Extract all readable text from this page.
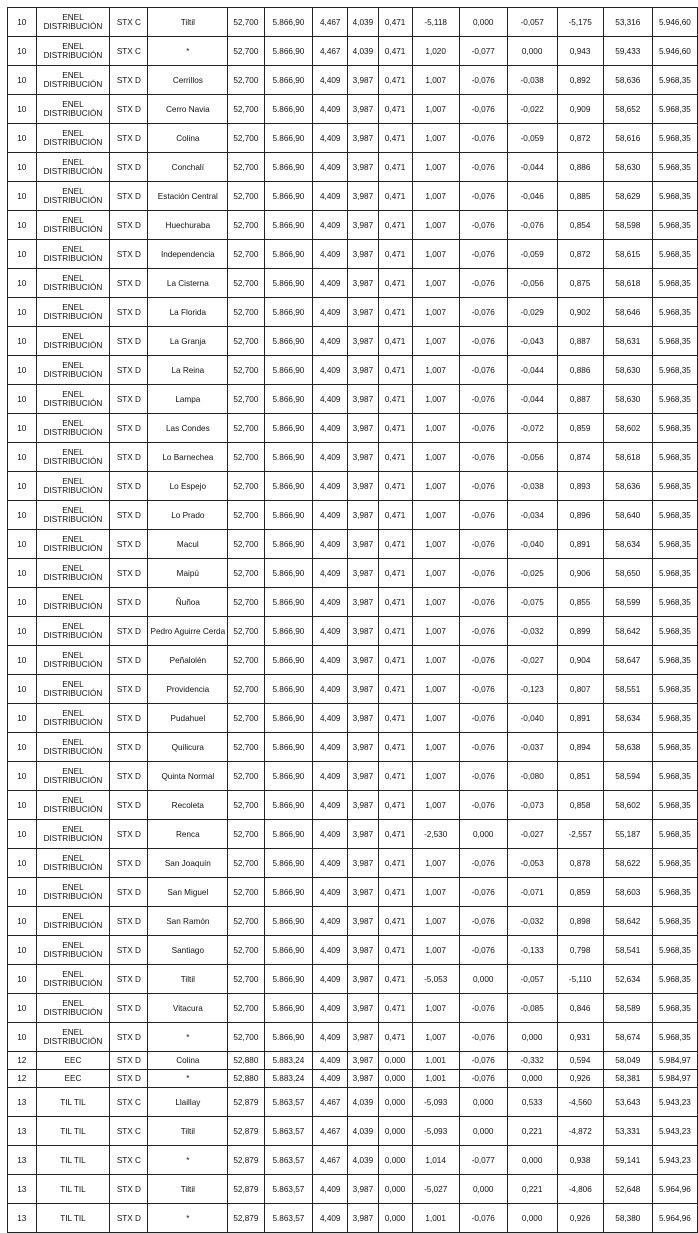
10	ENEL DISTRIBUCIÓN	STX C	Tiltil	52,700	5.866,90	4,467	4,039	0,471	-5,118	0,000	-0,057	-5,175	53,316	5.946,60
10	ENEL DISTRIBUCIÓN	STX C	*	52,700	5.866,90	4,467	4,039	0,471	1,020	-0,077	0,000	0,943	59,433	5.946,60
10	ENEL DISTRIBUCIÓN	STX D	Cerrillos	52,700	5.866,90	4,409	3,987	0,471	1,007	-0,076	-0,038	0,892	58,636	5.968,35
10	ENEL DISTRIBUCIÓN	STX D	Cerro Navia	52,700	5.866,90	4,409	3,987	0,471	1,007	-0,076	-0,022	0,909	58,652	5.968,35
10	ENEL DISTRIBUCIÓN	STX D	Colina	52,700	5.866,90	4,409	3,987	0,471	1,007	-0,076	-0,059	0,872	58,616	5.968,35
10	ENEL DISTRIBUCIÓN	STX D	Conchalí	52,700	5.866,90	4,409	3,987	0,471	1,007	-0,076	-0,044	0,886	58,630	5.968,35
10	ENEL DISTRIBUCIÓN	STX D	Estación Central	52,700	5.866,90	4,409	3,987	0,471	1,007	-0,076	-0,046	0,885	58,629	5.968,35
10	ENEL DISTRIBUCIÓN	STX D	Huechuraba	52,700	5.866,90	4,409	3,987	0,471	1,007	-0,076	-0,076	0,854	58,598	5.968,35
10	ENEL DISTRIBUCIÓN	STX D	Independencia	52,700	5.866,90	4,409	3,987	0,471	1,007	-0,076	-0,059	0,872	58,615	5.968,35
10	ENEL DISTRIBUCIÓN	STX D	La Cisterna	52,700	5.866,90	4,409	3,987	0,471	1,007	-0,076	-0,056	0,875	58,618	5.968,35
10	ENEL DISTRIBUCIÓN	STX D	La Florida	52,700	5.866,90	4,409	3,987	0,471	1,007	-0,076	-0,029	0,902	58,646	5.968,35
10	ENEL DISTRIBUCIÓN	STX D	La Granja	52,700	5.866,90	4,409	3,987	0,471	1,007	-0,076	-0,043	0,887	58,631	5.968,35
10	ENEL DISTRIBUCIÓN	STX D	La Reina	52,700	5.866,90	4,409	3,987	0,471	1,007	-0,076	-0,044	0,886	58,630	5.968,35
10	ENEL DISTRIBUCIÓN	STX D	Lampa	52,700	5.866,90	4,409	3,987	0,471	1,007	-0,076	-0,044	0,887	58,630	5.968,35
10	ENEL DISTRIBUCIÓN	STX D	Las Condes	52,700	5.866,90	4,409	3,987	0,471	1,007	-0,076	-0,072	0,859	58,602	5.968,35
10	ENEL DISTRIBUCIÓN	STX D	Lo Barnechea	52,700	5.866,90	4,409	3,987	0,471	1,007	-0,076	-0,056	0,874	58,618	5.968,35
10	ENEL DISTRIBUCIÓN	STX D	Lo Espejo	52,700	5.866,90	4,409	3,987	0,471	1,007	-0,076	-0,038	0,893	58,636	5.968,35
10	ENEL DISTRIBUCIÓN	STX D	Lo Prado	52,700	5.866,90	4,409	3,987	0,471	1,007	-0,076	-0,034	0,896	58,640	5.968,35
10	ENEL DISTRIBUCIÓN	STX D	Macul	52,700	5.866,90	4,409	3,987	0,471	1,007	-0,076	-0,040	0,891	58,634	5.968,35
10	ENEL DISTRIBUCIÓN	STX D	Maipú	52,700	5.866,90	4,409	3,987	0,471	1,007	-0,076	-0,025	0,906	58,650	5.968,35
10	ENEL DISTRIBUCIÓN	STX D	Ñuñoa	52,700	5.866,90	4,409	3,987	0,471	1,007	-0,076	-0,075	0,855	58,599	5.968,35
10	ENEL DISTRIBUCIÓN	STX D	Pedro Aguirre Cerda	52,700	5.866,90	4,409	3,987	0,471	1,007	-0,076	-0,032	0,899	58,642	5.968,35
10	ENEL DISTRIBUCIÓN	STX D	Peñalolén	52,700	5.866,90	4,409	3,987	0,471	1,007	-0,076	-0,027	0,904	58,647	5.968,35
10	ENEL DISTRIBUCIÓN	STX D	Providencia	52,700	5.866,90	4,409	3,987	0,471	1,007	-0,076	-0,123	0,807	58,551	5.968,35
10	ENEL DISTRIBUCIÓN	STX D	Pudahuel	52,700	5.866,90	4,409	3,987	0,471	1,007	-0,076	-0,040	0,891	58,634	5.968,35
10	ENEL DISTRIBUCIÓN	STX D	Quilicura	52,700	5.866,90	4,409	3,987	0,471	1,007	-0,076	-0,037	0,894	58,638	5.968,35
10	ENEL DISTRIBUCIÓN	STX D	Quinta Normal	52,700	5.866,90	4,409	3,987	0,471	1,007	-0,076	-0,080	0,851	58,594	5.968,35
10	ENEL DISTRIBUCIÓN	STX D	Recoleta	52,700	5.866,90	4,409	3,987	0,471	1,007	-0,076	-0,073	0,858	58,602	5.968,35
10	ENEL DISTRIBUCIÓN	STX D	Renca	52,700	5.866,90	4,409	3,987	0,471	-2,530	0,000	-0,027	-2,557	55,187	5.968,35
10	ENEL DISTRIBUCIÓN	STX D	San Joaquín	52,700	5.866,90	4,409	3,987	0,471	1,007	-0,076	-0,053	0,878	58,622	5.968,35
10	ENEL DISTRIBUCIÓN	STX D	San Miguel	52,700	5.866,90	4,409	3,987	0,471	1,007	-0,076	-0,071	0,859	58,603	5.968,35
10	ENEL DISTRIBUCIÓN	STX D	San Ramón	52,700	5.866,90	4,409	3,987	0,471	1,007	-0,076	-0,032	0,898	58,642	5.968,35
10	ENEL DISTRIBUCIÓN	STX D	Santiago	52,700	5.866,90	4,409	3,987	0,471	1,007	-0,076	-0,133	0,798	58,541	5.968,35
10	ENEL DISTRIBUCIÓN	STX D	Tiltil	52,700	5.866,90	4,409	3,987	0,471	-5,053	0,000	-0,057	-5,110	52,634	5.968,35
10	ENEL DISTRIBUCIÓN	STX D	Vitacura	52,700	5.866,90	4,409	3,987	0,471	1,007	-0,076	-0,085	0,846	58,589	5.968,35
10	ENEL DISTRIBUCIÓN	STX D	*	52,700	5.866,90	4,409	3,987	0,471	1,007	-0,076	0,000	0,931	58,674	5.968,35
12	EEC	STX D	Colina	52,880	5.883,24	4,409	3,987	0,000	1,001	-0,076	-0,332	0,594	58,049	5.984,97
12	EEC	STX D	*	52,880	5.883,24	4,409	3,987	0,000	1,001	-0,076	0,000	0,926	58,381	5.984,97
13	TIL TIL	STX C	Llaillay	52,879	5.863,57	4,467	4,039	0,000	-5,093	0,000	0,533	-4,560	53,643	5.943,23
13	TIL TIL	STX C	Tiltil	52,879	5.863,57	4,467	4,039	0,000	-5,093	0,000	0,221	-4,872	53,331	5.943,23
13	TIL TIL	STX C	*	52,879	5.863,57	4,467	4,039	0,000	1,014	-0,077	0,000	0,938	59,141	5.943,23
13	TIL TIL	STX D	Tiltil	52,879	5.863,57	4,409	3,987	0,000	-5,027	0,000	0,221	-4,806	52,648	5.964,96
13	TIL TIL	STX D	*	52,879	5.863,57	4,409	3,987	0,000	1,001	-0,076	0,000	0,926	58,380	5.964,96
